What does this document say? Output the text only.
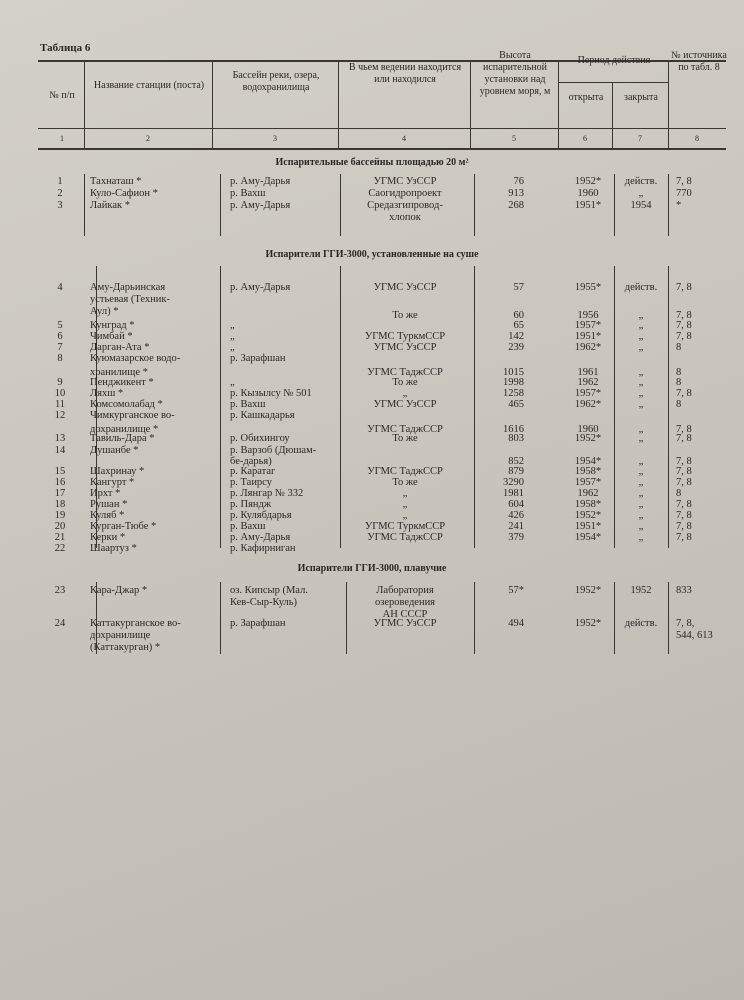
Таблица 6
№ п/п
Название станции (поста)
Бассейн реки, озера, водохранилища
В чьем ведении находится или находился
Высота испарительной установки над уровнем моря, м
Период действия
открыта	закрыта
№ источника по табл. 8
1	2	3	4	5	6	7	8
Испарительные бассейны площадью 20 м²
Испарители ГГИ-3000, установленные на суше
Испарители ГГИ-3000, плавучие
1	Тахнаташ *	р. Аму-Дарья	УГМС УзССР	76	1952*	действ.	7, 8
2	Куло-Сафион *	р. Вахш	Саогидропроект	913	1960	„	770
3	Лайкак *	р. Аму-Дарья	Средазгипровод-	268	1951*	1954	*
хлопок
4	Аму-Дарьинская	р. Аму-Дарья	УГМС УзССР	57	1955*	действ.	7, 8
устьевая (Техник-
Аул) *	То же	60	1956	„	7, 8
5	Кунград *	„	65	1957*	„	7, 8
6	Чимбай *	„	УГМС ТуркмССР	142	1951*	„	7, 8
7	Дарган-Ата *	„	УГМС УзССР	239	1962*	„	8
8	Куюмазарское водо-	р. Зарафшан
хранилище *	УГМС ТаджССР	1015	1961	„	8
9	Пенджикент *	„	То же	1998	1962	„	8
10	Ляхш *	р. Кызылсу № 501	„	1258	1957*	„	7, 8
11	Комсомолабад *	р. Вахш	УГМС УзССР	465	1962*	„	8
12	Чимкурганское во-	р. Кашкадарья
дохранилище *	УГМС ТаджССР	1616	1960	„	7, 8
13	Тавиль-Дара *	р. Обихингоу	То же	803	1952*	„	7, 8
14	Душанбе *	р. Варзоб (Дюшам-
бе-дарья)	852	1954*	„	7, 8
15	Шахринау *	р. Каратаг	УГМС ТаджССР	879	1958*	„	7, 8
16	Кангурт *	р. Таирсу	То же	3290	1957*	„	7, 8
17	Ирхт *	р. Лянгар № 332	„	1981	1962	„	8
18	Рушан *	р. Пяндж	„	604	1958*	„	7, 8
19	Куляб *	р. Кулябдарья	„	426	1952*	„	7, 8
20	Курган-Тюбе *	р. Вахш	УГМС ТуркмССР	241	1951*	„	7, 8
21	Керки *	р. Аму-Дарья	УГМС ТаджССР	379	1954*	„	7, 8
22	Шаартуз *	р. Кафирниган
23	Кара-Джар *	оз. Кипсыр (Мал.	Лаборатория	57*	1952*	1952	833
Кев-Сыр-Куль)	озероведения
АН СССР
24	Каттакурганское во-	р. Зарафшан	УГМС УзССР	494	1952*	действ.	7, 8,
дохранилище	544, 613
(Каттакурган) *
